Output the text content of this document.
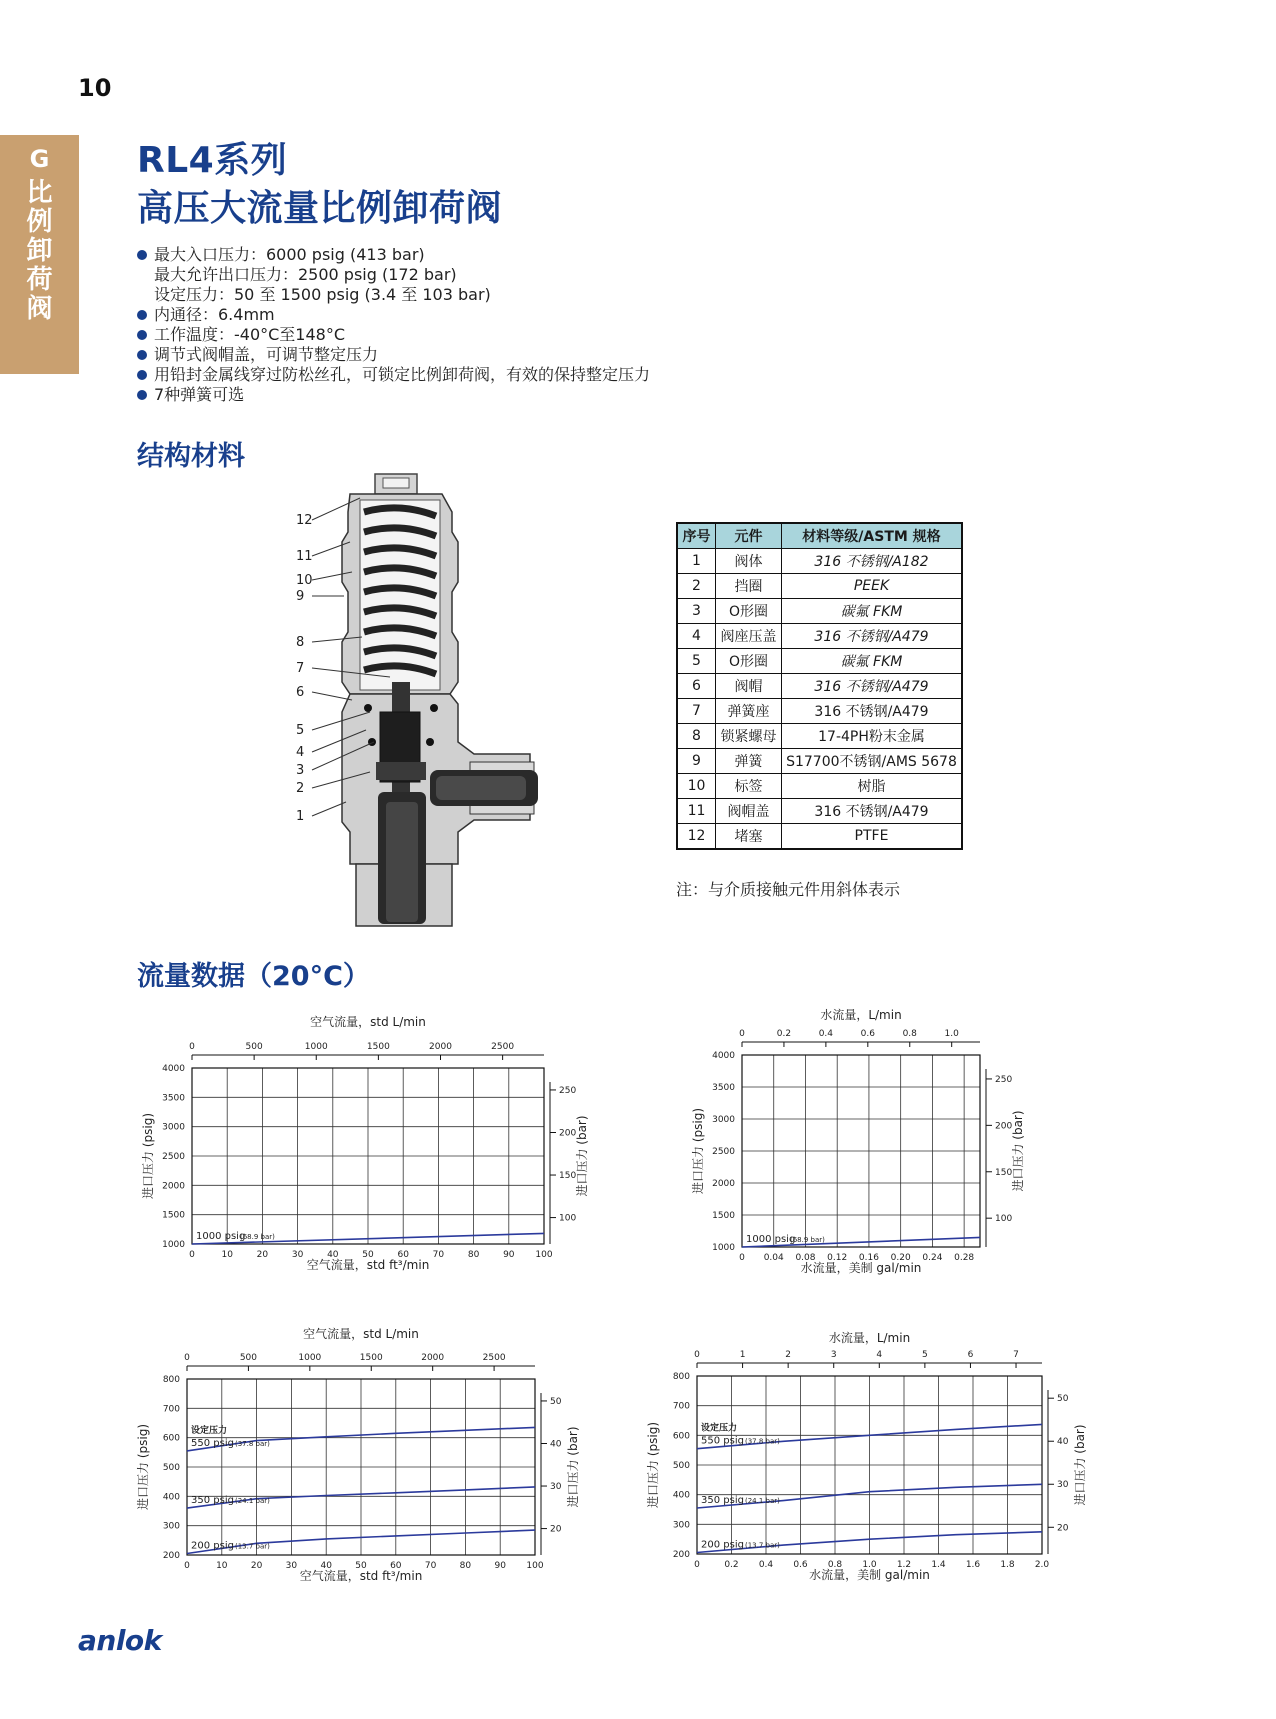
10
G
比
例
卸
荷
阀
RL4系列
高压大流量比例卸荷阀
最大入口压力：6000 psig (413 bar)
最大允许出口压力：2500 psig (172 bar)
设定压力：50 至 1500 psig (3.4 至 103 bar)
内通径：6.4mm
工作温度：-40°C至148°C
调节式阀帽盖，可调节整定压力
用铅封金属线穿过防松丝孔，可锁定比例卸荷阀，有效的保持整定压力
7种弹簧可选
结构材料
12
11
10
9
8
7
6
5
4
3
2
1
序号	元件	材料等级/ASTM 规格
1	阀体	316 不锈钢/A182
2	挡圈	PEEK
3	O形圈	碳氟 FKM
4	阀座压盖	316 不锈钢/A479
5	O形圈	碳氟 FKM
6	阀帽	316 不锈钢/A479
7	弹簧座	316 不锈钢/A479
8	锁紧螺母	17-4PH粉末金属
9	弹簧	S17700不锈钢/AMS 5678
10	标签	树脂
11	阀帽盖	316 不锈钢/A479
12	堵塞	PTFE
注：与介质接触元件用斜体表示
流量数据（20°C）
空气流量，std L/min
0	500	1000	1500	2000	2500
0	10	20	30	40	50	60	70	80	90 100
空气流量，std ft³/min
1000
1500
2000
2500
3000
3500
4000
进口压力 (psig)
100
150
200
250
进口压力 (bar)
1000 psig
(68.9 bar)
水流量，L/min
0	0.2	0.4	0.6	0.8	1.0
0 0.04 0.08 0.12 0.16 0.20 0.24 0.28
水流量，美制 gal/min
1000
1500
2000
2500
3000
3500
4000
进口压力 (psig)
100
150
200
250
进口压力 (bar)
1000 psig
(68.9 bar)
空气流量，std L/min
0	500	1000	1500	2000	2500
0	10	20	30	40	50	60	70	80	90 100
空气流量，std ft³/min
200
300
400
500
600
700
800
进口压力 (psig)
20
30
40
50
进口压力 (bar)
设定压力
550 psig (37.8 bar)
350 psig (24.1 bar)
200 psig (13.7 bar)
水流量，L/min
0	1	2	3	4	5	6	7
0	0.2 0.4 0.6 0.8 1.0 1.2 1.4 1.6 1.8 2.0
水流量，美制 gal/min
200
300
400
500
600
700
800
进口压力 (psig)
20
30
40
50
进口压力 (bar)
设定压力
550 psig (37.8 bar)
350 psig (24.1 bar)
200 psig (13.7 bar)
anlok
